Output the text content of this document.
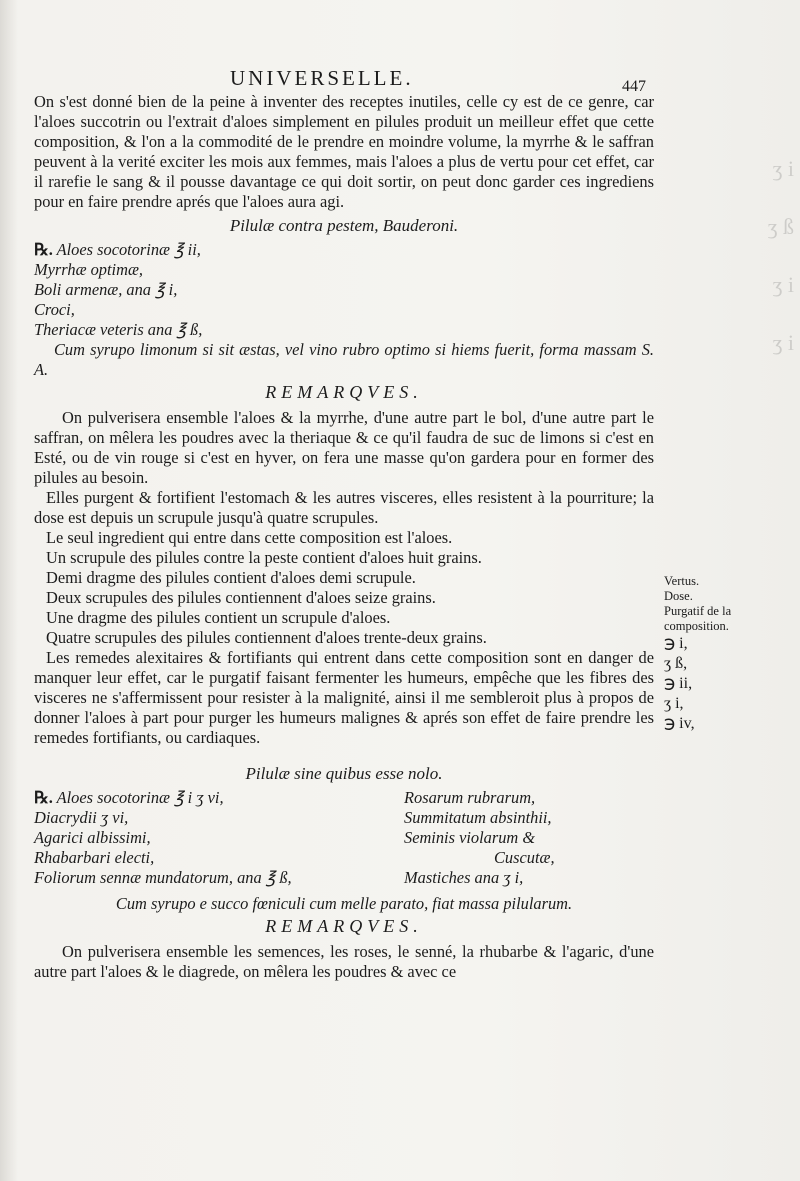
ʒ i
ʒ ß
ʒ i
ʒ i
UNIVERSELLE.	447

On s'est donné bien de la peine à inventer des receptes inutiles, celle cy est de ce genre, car l'aloes succotrin ou l'extrait d'aloes simplement en pilules produit un meilleur effet que cette composition, & l'on a la commodité de le prendre en moindre volume, la myrrhe & le saffran peuvent à la verité exciter les mois aux femmes, mais l'aloes a plus de vertu pour cet effet, car il rarefie le sang & il pousse davantage ce qui doit sortir, on peut donc garder ces ingrediens pour en faire prendre aprés que l'aloes aura agi.

Pilulæ contra pestem, Bauderoni.
℞. Aloes socotorinæ ℥ ii,
Myrrhæ optimæ,
Boli armenæ, ana ℥ i,
Croci,
Theriacæ veteris ana ℥ ß,

Cum syrupo limonum si sit æstas, vel vino rubro optimo si hiems fuerit, forma massam S. A.

REMARQVES.

On pulverisera ensemble l'aloes & la myrrhe, d'une autre part le bol, d'une autre part le saffran, on mêlera les poudres avec la theriaque & ce qu'il faudra de suc de limons si c'est en Esté, ou de vin rouge si c'est en hyver, on fera une masse qu'on gardera pour en former des pilules au besoin.

Elles purgent & fortifient l'estomach & les autres visceres, elles resistent à la pourriture; la dose est depuis un scrupule jusqu'à quatre scrupules.

Le seul ingredient qui entre dans cette composition est l'aloes.
Un scrupule des pilules contre la peste contient d'aloes huit grains.
Demi dragme des pilules contient d'aloes demi scrupule.
Deux scrupules des pilules contiennent d'aloes seize grains.
Une dragme des pilules contient un scrupule d'aloes.
Quatre scrupules des pilules contiennent d'aloes trente-deux grains.

Les remedes alexitaires & fortifiants qui entrent dans cette composition sont en danger de manquer leur effet, car le purgatif faisant fermenter les humeurs, empêche que les fibres des visceres ne s'affermissent pour resister à la malignité, ainsi il me sembleroit plus à propos de donner l'aloes à part pour purger les humeurs malignes & aprés son effet de faire prendre les remedes fortifiants, ou cardiaques.

Pilulæ sine quibus esse nolo.
℞. Aloes socotorinæ ℥ i ʒ vi,
Diacrydii ʒ vi,
Agarici albissimi,
Rhabarbari electi,
Foliorum sennæ mundatorum, ana ℥ ß,
Rosarum rubrarum,
Summitatum absinthii,
Seminis violarum &
Cuscutæ,
Mastiches ana ʒ i,

Cum syrupo e succo fœniculi cum melle parato, fiat massa pilularum.

REMARQVES.

On pulverisera ensemble les semences, les roses, le senné, la rhubarbe & l'agaric, d'une autre part l'aloes & le diagrede, on mêlera les poudres & avec ce

Vertus.
Dose.
Purgatif de la composition.
℈ i,
ʒ ß,
℈ ii,
ʒ i,
℈ iv,
